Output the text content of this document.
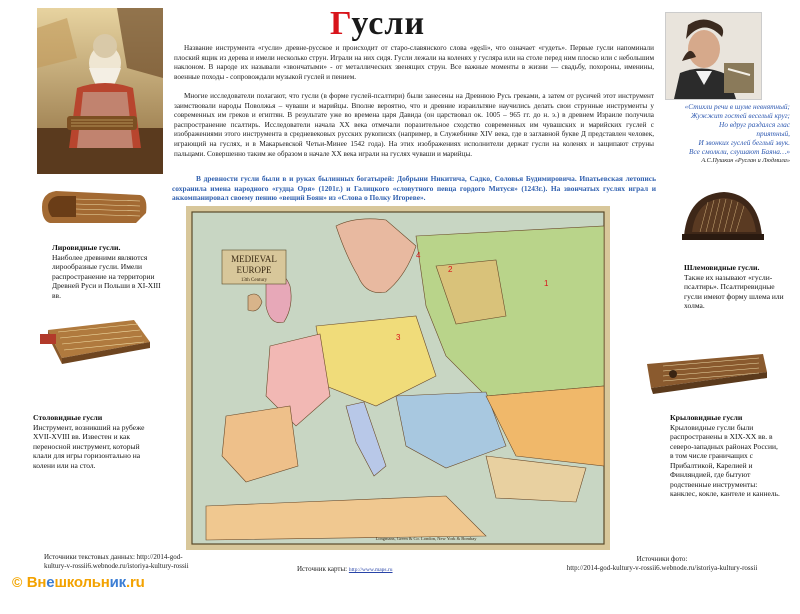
Гусли
Название инструмента «гусли» древне-русское и происходит от старо-славянского слова «gęsli», что означает «гудеть». Первые гусли напоминали плоский ящик из дерева и имели несколько струн. Играли на них сидя. Гусли лежали на коленях у гусляра или на столе перед ним плоско или с небольшим наклоном. В народе их называли «звончатыми» - от металлических звенящих струн. Все важные моменты в жизни — свадьбу, похороны, именины, военные походы - сопровождали музыкой гуслей и пением.
Многие исследователи полагают, что гусли (в форме гуслей-псалтири) были занесены на Древнюю Русь греками, а затем от русичей этот инструмент заимствовали народы Поволжья – чуваши и марийцы. Вполне вероятно, что и древние израильтяне научились делать свои струнные инструменты у современных им греков и египтян. В результате уже во времена царя Давида (он царствовал ок. 1005 – 965 гг. до н. э.) в древнем Израиле получила распространение псалтирь. Исследователи начала XX века отмечали поразительное сходство современных им чувашских и марийских гуслей с изображениями этого инструмента в средневековых русских рукописях (например, в Служебнике XIV века, где в заглавной букве Д представлен человек, играющий на гуслях, и в Макарьевской Четьи-Минее 1542 года). На этих изображениях исполнители держат гусли на коленях и защипают струны пальцами. Совершенно таким же образом в начале XX века играли на гуслях чуваши и марийцы.
В древности гусли были в и руках былинных богатырей: Добрыни Никитича, Садко, Соловья Будимировича. Ипатьевская летопись сохранила имена народного «гудца Оря» (1201г.) и Галицкого «словутного певца гордого Митуся» (1243г.). На звончатых гуслях играл и аккомпанировал своему пению «вещий Боян» из «Слова о Полку Игореве».
«Стихли речи в шуме невнятный;
Жужжит гостей веселый круг;
Но вдруг раздался глас
приятный,
И звонких гуслей беглый звук.
Все смолкли, слушают Баяна…»
А.С.Пушкин «Руслан и Людмила»
Лировидные гусли.
Наиболее древними являются лирообразные гусли. Имели распространение на территории Древней Руси и Польши в XI-XIII вв.
Столовидные гусли
Инструмент, возникший на рубеже XVII-XVIII вв. Известен и как переносной инструмент, который клали для игры горизонтально на колени или на стол.
Шлемовидные гусли.
Также их называют «гусли-псалтирь». Псалтиревидные гусли имеют форму шлема или холма.
Крыловидные гусли
Крыловидные гусли были распространены в XIX-XX вв. в северо-западных районах России, в том числе граничащих с Прибалтикой, Карелией и Финляндией, где бытуют родственные инструменты: канклес, кокле, кантеле и каннель.
MEDIEVAL
EUROPE
13th Century	1
2
3
4
Longmans, Green & Co. London, New York & Bombay
Источники текстовых данных: http://2014-god-kultury-v-rossii6.webnode.ru/istoriya-kultury-rossii	Источник карты: http://www.maps.ru
Источники фото:
http://2014-god-kultury-v-rossii6.webnode.ru/istoriya-kultury-rossii
© Внешкольник.ru
